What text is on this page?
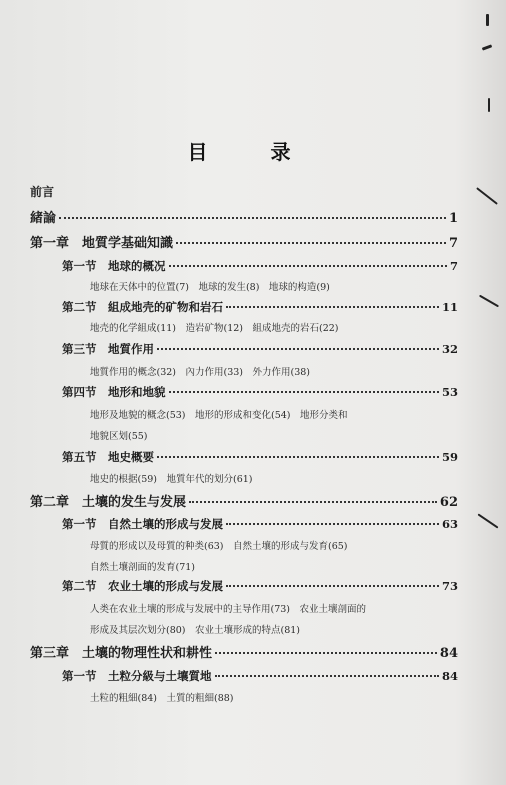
目 录
前言
緒論	1
第一章　地質学基础知識	7
第一节　地球的概况	7
地球在天体中的位置(7)　地球的发生(8)　地球的构造(9)
第二节　組成地壳的矿物和岩石	11
地壳的化学組成(11)　造岩矿物(12)　組成地壳的岩石(22)
第三节　地質作用	32
地質作用的概念(32)　內力作用(33)　外力作用(38)
第四节　地形和地貌	53
地形及地貌的概念(53)　地形的形成和变化(54)　地形分类和
地貌区划(55)
第五节　地史概要	59
地史的根据(59)　地質年代的划分(61)
第二章　土壤的发生与发展	62
第一节　自然土壤的形成与发展	63
母質的形成以及母質的种类(63)　自然土壤的形成与发育(65)
自然土壤剖面的发育(71)
第二节　农业土壤的形成与发展	73
人类在农业土壤的形成与发展中的主导作用(73)　农业土壤剖面的
形成及其层次划分(80)　农业土壤形成的特点(81)
第三章　土壤的物理性状和耕性	84
第一节　土粒分級与土壤質地	84
土粒的粗細(84)　土質的粗細(88)
